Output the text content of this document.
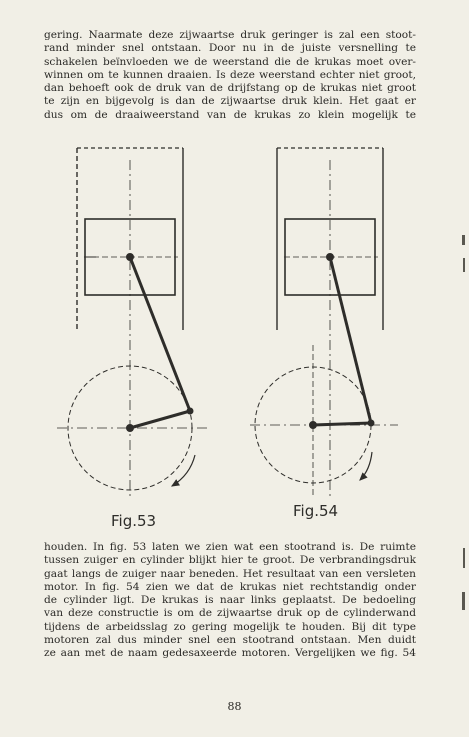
gering. Naarmate deze zijwaartse druk geringer is zal een stoot-
rand minder snel ontstaan. Door nu in de juiste versnelling te
schakelen beïnvloeden we de weerstand die de krukas moet over-
winnen om te kunnen draaien. Is deze weerstand echter niet groot,
dan behoeft ook de druk van de drijfstang op de krukas niet groot
te zijn en bijgevolg is dan de zijwaartse druk klein. Het gaat er
dus om de draaiweerstand van de krukas zo klein mogelijk te

Fig.53
Fig.54

houden. In fig. 53 laten we zien wat een stootrand is. De ruimte
tussen zuiger en cylinder blijkt hier te groot. De verbrandingsdruk
gaat langs de zuiger naar beneden. Het resultaat van een versleten
motor. In fig. 54 zien we dat de krukas niet rechtstandig onder
de cylinder ligt. De krukas is naar links geplaatst. De bedoeling
van deze constructie is om de zijwaartse druk op de cylinderwand
tijdens de arbeidsslag zo gering mogelijk te houden. Bij dit type
motoren zal dus minder snel een stootrand ontstaan. Men duidt
ze aan met de naam gedesaxeerde motoren. Vergelijken we fig. 54

88
